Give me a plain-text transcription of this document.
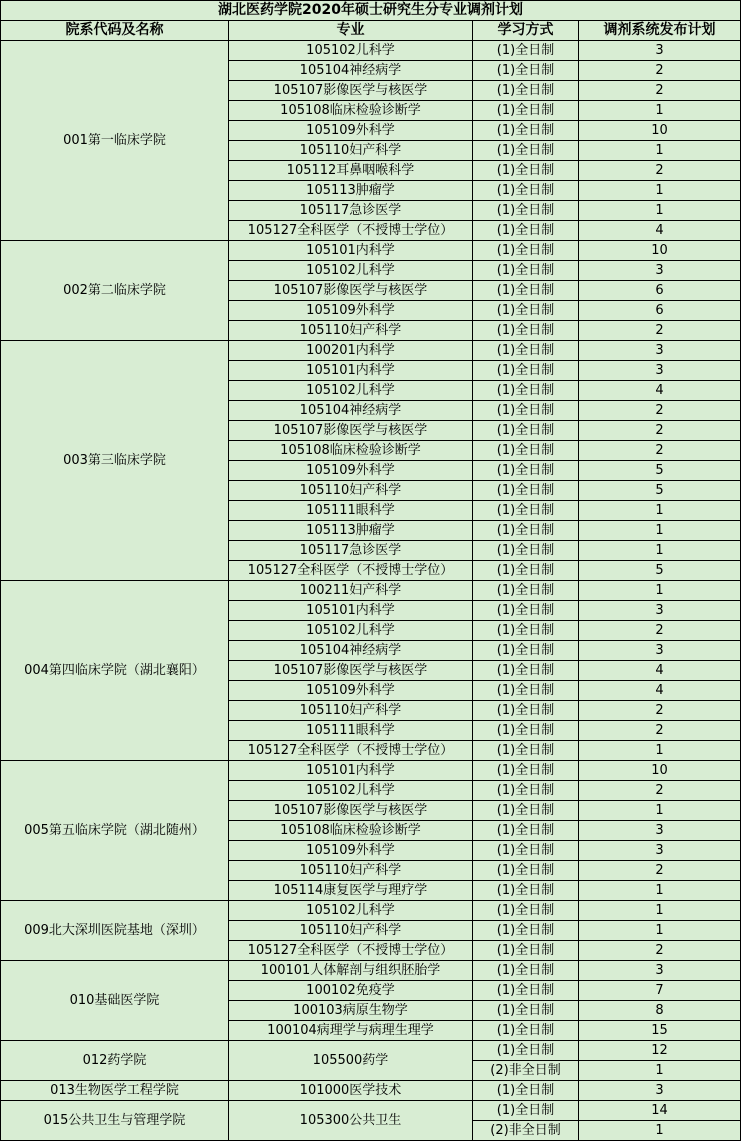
湖北医药学院2020年硕士研究生分专业调剂计划			
院系代码及名称	专业	学习方式	调剂系统发布计划
001第一临床学院	105102儿科学	(1)全日制	3
	105104神经病学	(1)全日制	2
	105107影像医学与核医学	(1)全日制	2
	105108临床检验诊断学	(1)全日制	1
	105109外科学	(1)全日制	10
	105110妇产科学	(1)全日制	1
	105112耳鼻咽喉科学	(1)全日制	2
	105113肿瘤学	(1)全日制	1
	105117急诊医学	(1)全日制	1
	105127全科医学（不授博士学位）	(1)全日制	4
002第二临床学院	105101内科学	(1)全日制	10
	105102儿科学	(1)全日制	3
	105107影像医学与核医学	(1)全日制	6
	105109外科学	(1)全日制	6
	105110妇产科学	(1)全日制	2
003第三临床学院	100201内科学	(1)全日制	3
	105101内科学	(1)全日制	3
	105102儿科学	(1)全日制	4
	105104神经病学	(1)全日制	2
	105107影像医学与核医学	(1)全日制	2
	105108临床检验诊断学	(1)全日制	2
	105109外科学	(1)全日制	5
	105110妇产科学	(1)全日制	5
	105111眼科学	(1)全日制	1
	105113肿瘤学	(1)全日制	1
	105117急诊医学	(1)全日制	1
	105127全科医学（不授博士学位）	(1)全日制	5
004第四临床学院（湖北襄阳）	100211妇产科学	(1)全日制	1
	105101内科学	(1)全日制	3
	105102儿科学	(1)全日制	2
	105104神经病学	(1)全日制	3
	105107影像医学与核医学	(1)全日制	4
	105109外科学	(1)全日制	4
	105110妇产科学	(1)全日制	2
	105111眼科学	(1)全日制	2
	105127全科医学（不授博士学位）	(1)全日制	1
005第五临床学院（湖北随州）	105101内科学	(1)全日制	10
	105102儿科学	(1)全日制	2
	105107影像医学与核医学	(1)全日制	1
	105108临床检验诊断学	(1)全日制	3
	105109外科学	(1)全日制	3
	105110妇产科学	(1)全日制	2
	105114康复医学与理疗学	(1)全日制	1
009北大深圳医院基地（深圳）	105102儿科学	(1)全日制	1
	105110妇产科学	(1)全日制	1
	105127全科医学（不授博士学位）	(1)全日制	2
010基础医学院	100101人体解剖与组织胚胎学	(1)全日制	3
	100102免疫学	(1)全日制	7
	100103病原生物学	(1)全日制	8
	100104病理学与病理生理学	(1)全日制	15
012药学院	105500药学	(1)全日制	12
		(2)非全日制	1
013生物医学工程学院	101000医学技术	(1)全日制	3
015公共卫生与管理学院	105300公共卫生	(1)全日制	14
		(2)非全日制	1
